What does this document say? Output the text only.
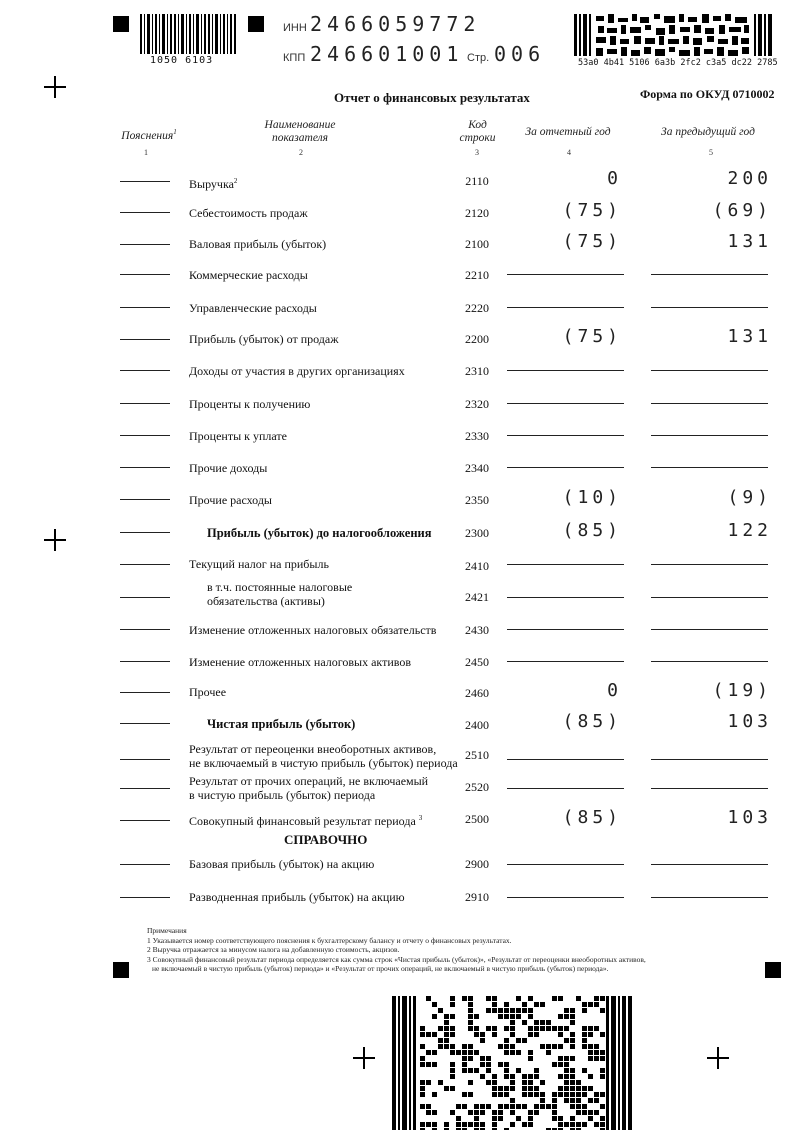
1050 6103
ИНН 2466059772
КПП 246601001 Стр. 006	53a0 4b41 5106 6a3b 2fc2 c3a5 dc22 2785
Отчет о финансовых результатах	Форма по ОКУД 0710002
Пояснения$^1$
Наименование
показателя
Код
строки	За отчетный год	За предыдущий год
1	2	3	4	5
Выручка$^2$	2110	0	200
Себестоимость продаж	2120	(75)	(69)
Валовая прибыль (убыток)	2100	(75)	131
Коммерческие расходы	2210
Управленческие расходы	2220
Прибыль (убыток) от продаж	2200	(75)	131
Доходы от участия в других организациях	2310
Проценты к получению	2320
Проценты к уплате	2330
Прочие доходы	2340
Прочие расходы	2350	(10)	(9)
Прибыль (убыток) до налогообложения	2300	(85)	122
Текущий налог на прибыль	2410
в т.ч. постоянные налоговые
обязательства (активы)	2421
Изменение отложенных налоговых обязательств 2430
Изменение отложенных налоговых активов	2450
Прочее	2460	0	(19)
Чистая прибыль (убыток)	2400	(85)	103
Результат от переоценки внеоборотных активов,
не включаемый в чистую прибыль (убыток) периода
2510
Результат от прочих операций, не включаемый
в чистую прибыль (убыток) периода
2520
Совокупный финансовый результат периода $^3$	2500	(85)	103
СПРАВОЧНО
Базовая прибыль (убыток) на акцию	2900
Разводненная прибыль (убыток) на акцию	2910
Примечания
1 Указывается номер соответствующего пояснения к бухгалтерскому балансу и отчету о финансовых результатах.
2 Выручка отражается за минусом налога на добавленную стоимость, акцизов.
3 Совокупный финансовый результат периода определяется как сумма строк «Чистая прибыль (убыток)», «Результат от переоценки внеоборотных активов,
не включаемый в чистую прибыль (убыток) периода» и «Результат от прочих операций, не включаемый в чистую прибыль (убыток) периода».
